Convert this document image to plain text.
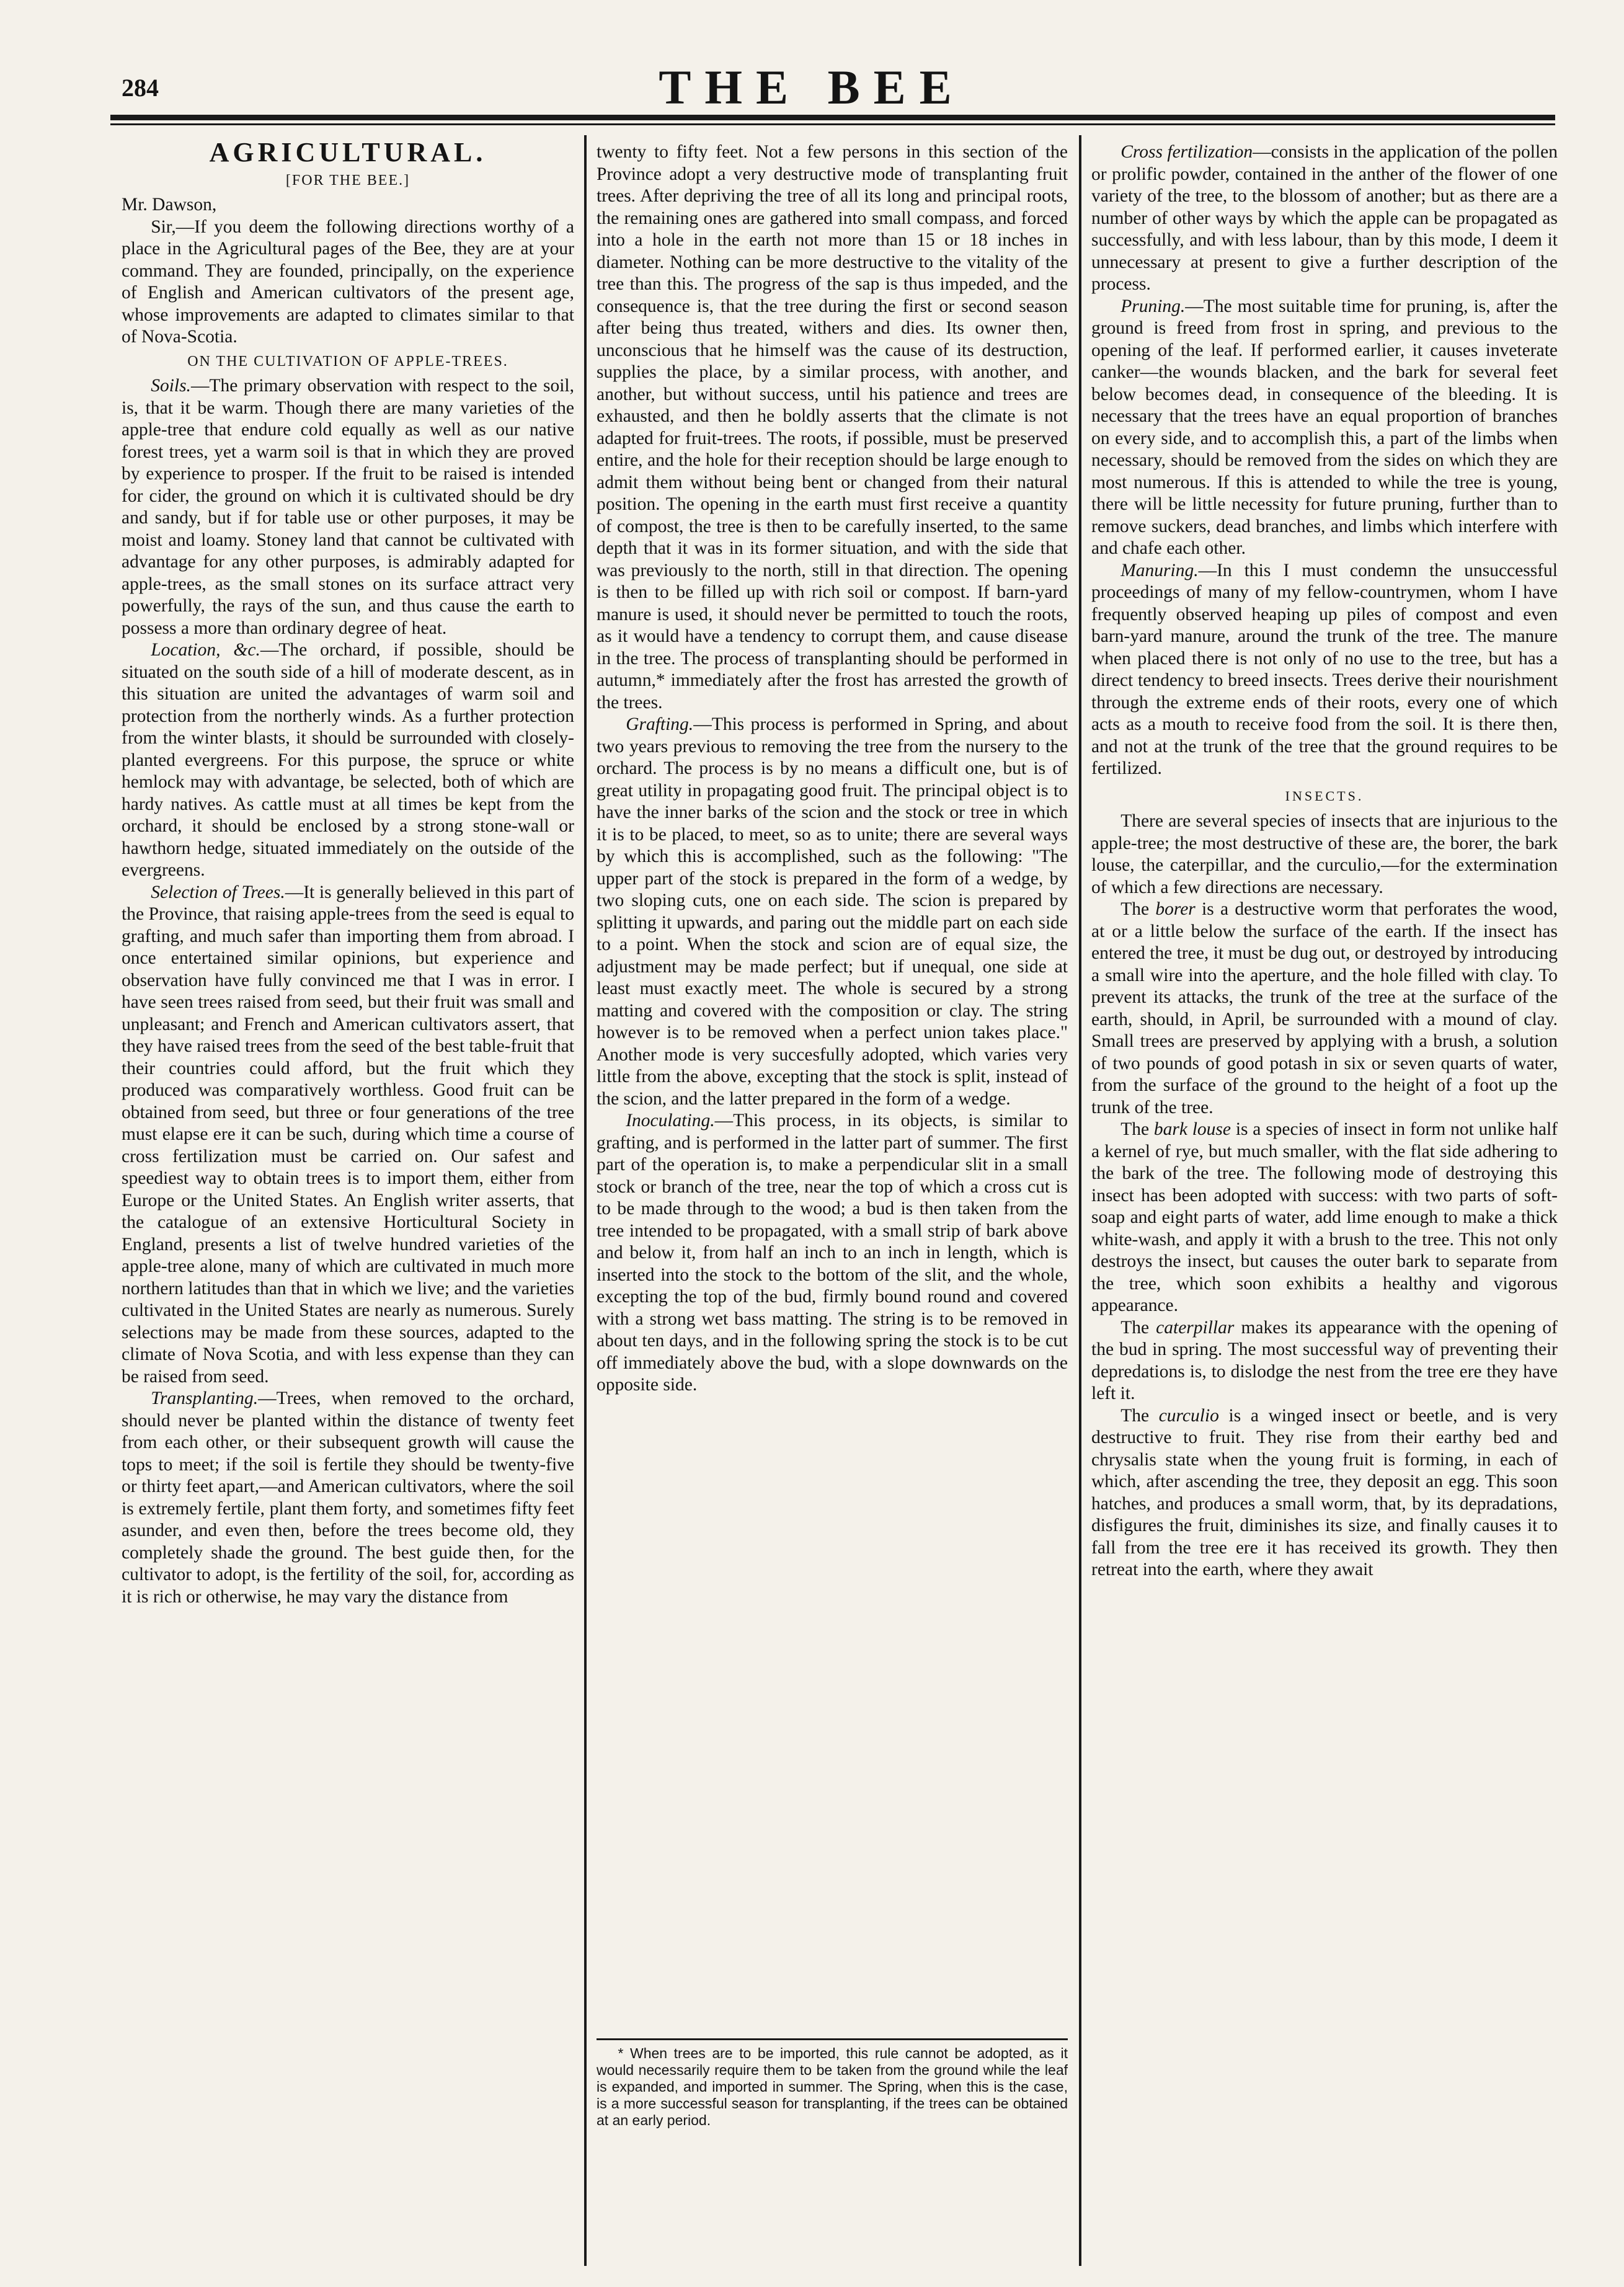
284	THE BEE
AGRICULTURAL.
[FOR THE BEE.]

Mr. Dawson,

Sir,—If you deem the following directions worthy of a place in the Agricultural pages of the Bee, they are at your command. They are founded, principally, on the experience of English and American cultivators of the present age, whose improvements are adapted to climates similar to that of Nova-Scotia.

ON THE CULTIVATION OF APPLE-TREES.

Soils.—The primary observation with respect to the soil, is, that it be warm. Though there are many varieties of the apple-tree that endure cold equally as well as our native forest trees, yet a warm soil is that in which they are proved by experience to prosper. If the fruit to be raised is intended for cider, the ground on which it is cultivated should be dry and sandy, but if for table use or other purposes, it may be moist and loamy. Stoney land that cannot be cultivated with advantage for any other purposes, is admirably adapted for apple-trees, as the small stones on its surface attract very powerfully, the rays of the sun, and thus cause the earth to possess a more than ordinary degree of heat.

Location, &c.—The orchard, if possible, should be situated on the south side of a hill of moderate descent, as in this situation are united the advantages of warm soil and protection from the northerly winds. As a further protection from the winter blasts, it should be surrounded with closely-planted evergreens. For this purpose, the spruce or white hemlock may with advantage, be selected, both of which are hardy natives. As cattle must at all times be kept from the orchard, it should be enclosed by a strong stone-wall or hawthorn hedge, situated immediately on the outside of the evergreens.

Selection of Trees.—It is generally believed in this part of the Province, that raising apple-trees from the seed is equal to grafting, and much safer than importing them from abroad. I once entertained similar opinions, but experience and observation have fully convinced me that I was in error. I have seen trees raised from seed, but their fruit was small and unpleasant; and French and American cultivators assert, that they have raised trees from the seed of the best table-fruit that their countries could afford, but the fruit which they produced was comparatively worthless. Good fruit can be obtained from seed, but three or four generations of the tree must elapse ere it can be such, during which time a course of cross fertilization must be carried on. Our safest and speediest way to obtain trees is to import them, either from Europe or the United States. An English writer asserts, that the catalogue of an extensive Horticultural Society in England, presents a list of twelve hundred varieties of the apple-tree alone, many of which are cultivated in much more northern latitudes than that in which we live; and the varieties cultivated in the United States are nearly as numerous. Surely selections may be made from these sources, adapted to the climate of Nova Scotia, and with less expense than they can be raised from seed.

Transplanting.—Trees, when removed to the orchard, should never be planted within the distance of twenty feet from each other, or their subsequent growth will cause the tops to meet; if the soil is fertile they should be twenty-five or thirty feet apart,—and American cultivators, where the soil is extremely fertile, plant them forty, and sometimes fifty feet asunder, and even then, before the trees become old, they completely shade the ground. The best guide then, for the cultivator to adopt, is the fertility of the soil, for, according as it is rich or otherwise, he may vary the distance from

twenty to fifty feet. Not a few persons in this section of the Province adopt a very destructive mode of transplanting fruit trees. After depriving the tree of all its long and principal roots, the remaining ones are gathered into small compass, and forced into a hole in the earth not more than 15 or 18 inches in diameter. Nothing can be more destructive to the vitality of the tree than this. The progress of the sap is thus impeded, and the consequence is, that the tree during the first or second season after being thus treated, withers and dies. Its owner then, unconscious that he himself was the cause of its destruction, supplies the place, by a similar process, with another, and another, but without success, until his patience and trees are exhausted, and then he boldly asserts that the climate is not adapted for fruit-trees. The roots, if possible, must be preserved entire, and the hole for their reception should be large enough to admit them without being bent or changed from their natural position. The opening in the earth must first receive a quantity of compost, the tree is then to be carefully inserted, to the same depth that it was in its former situation, and with the side that was previously to the north, still in that direction. The opening is then to be filled up with rich soil or compost. If barn-yard manure is used, it should never be permitted to touch the roots, as it would have a tendency to corrupt them, and cause disease in the tree. The process of transplanting should be performed in autumn,* immediately after the frost has arrested the growth of the trees.

Grafting.—This process is performed in Spring, and about two years previous to removing the tree from the nursery to the orchard. The process is by no means a difficult one, but is of great utility in propagating good fruit. The principal object is to have the inner barks of the scion and the stock or tree in which it is to be placed, to meet, so as to unite; there are several ways by which this is accomplished, such as the following: "The upper part of the stock is prepared in the form of a wedge, by two sloping cuts, one on each side. The scion is prepared by splitting it upwards, and paring out the middle part on each side to a point. When the stock and scion are of equal size, the adjustment may be made perfect; but if unequal, one side at least must exactly meet. The whole is secured by a strong matting and covered with the composition or clay. The string however is to be removed when a perfect union takes place." Another mode is very succesfully adopted, which varies very little from the above, excepting that the stock is split, instead of the scion, and the latter prepared in the form of a wedge.

Inoculating.—This process, in its objects, is similar to grafting, and is performed in the latter part of summer. The first part of the operation is, to make a perpendicular slit in a small stock or branch of the tree, near the top of which a cross cut is to be made through to the wood; a bud is then taken from the tree intended to be propagated, with a small strip of bark above and below it, from half an inch to an inch in length, which is inserted into the stock to the bottom of the slit, and the whole, excepting the top of the bud, firmly bound round and covered with a strong wet bass matting. The string is to be removed in about ten days, and in the following spring the stock is to be cut off immediately above the bud, with a slope downwards on the opposite side.

* When trees are to be imported, this rule cannot be adopted, as it would necessarily require them to be taken from the ground while the leaf is expanded, and imported in summer. The Spring, when this is the case, is a more successful season for transplanting, if the trees can be obtained at an early period.

Cross fertilization—consists in the application of the pollen or prolific powder, contained in the anther of the flower of one variety of the tree, to the blossom of another; but as there are a number of other ways by which the apple can be propagated as successfully, and with less labour, than by this mode, I deem it unnecessary at present to give a further description of the process.

Pruning.—The most suitable time for pruning, is, after the ground is freed from frost in spring, and previous to the opening of the leaf. If performed earlier, it causes inveterate canker—the wounds blacken, and the bark for several feet below becomes dead, in consequence of the bleeding. It is necessary that the trees have an equal proportion of branches on every side, and to accomplish this, a part of the limbs when necessary, should be removed from the sides on which they are most numerous. If this is attended to while the tree is young, there will be little necessity for future pruning, further than to remove suckers, dead branches, and limbs which interfere with and chafe each other.

Manuring.—In this I must condemn the unsuccessful proceedings of many of my fellow-countrymen, whom I have frequently observed heaping up piles of compost and even barn-yard manure, around the trunk of the tree. The manure when placed there is not only of no use to the tree, but has a direct tendency to breed insects. Trees derive their nourishment through the extreme ends of their roots, every one of which acts as a mouth to receive food from the soil. It is there then, and not at the trunk of the tree that the ground requires to be fertilized.

INSECTS.

There are several species of insects that are injurious to the apple-tree; the most destructive of these are, the borer, the bark louse, the caterpillar, and the curculio,—for the extermination of which a few directions are necessary.

The borer is a destructive worm that perforates the wood, at or a little below the surface of the earth. If the insect has entered the tree, it must be dug out, or destroyed by introducing a small wire into the aperture, and the hole filled with clay. To prevent its attacks, the trunk of the tree at the surface of the earth, should, in April, be surrounded with a mound of clay. Small trees are preserved by applying with a brush, a solution of two pounds of good potash in six or seven quarts of water, from the surface of the ground to the height of a foot up the trunk of the tree.

The bark louse is a species of insect in form not unlike half a kernel of rye, but much smaller, with the flat side adhering to the bark of the tree. The following mode of destroying this insect has been adopted with success: with two parts of soft-soap and eight parts of water, add lime enough to make a thick white-wash, and apply it with a brush to the tree. This not only destroys the insect, but causes the outer bark to separate from the tree, which soon exhibits a healthy and vigorous appearance.

The caterpillar makes its appearance with the opening of the bud in spring. The most successful way of preventing their depredations is, to dislodge the nest from the tree ere they have left it.

The curculio is a winged insect or beetle, and is very destructive to fruit. They rise from their earthy bed and chrysalis state when the young fruit is forming, in each of which, after ascending the tree, they deposit an egg. This soon hatches, and produces a small worm, that, by its depradations, disfigures the fruit, diminishes its size, and finally causes it to fall from the tree ere it has received its growth. They then retreat into the earth, where they await
